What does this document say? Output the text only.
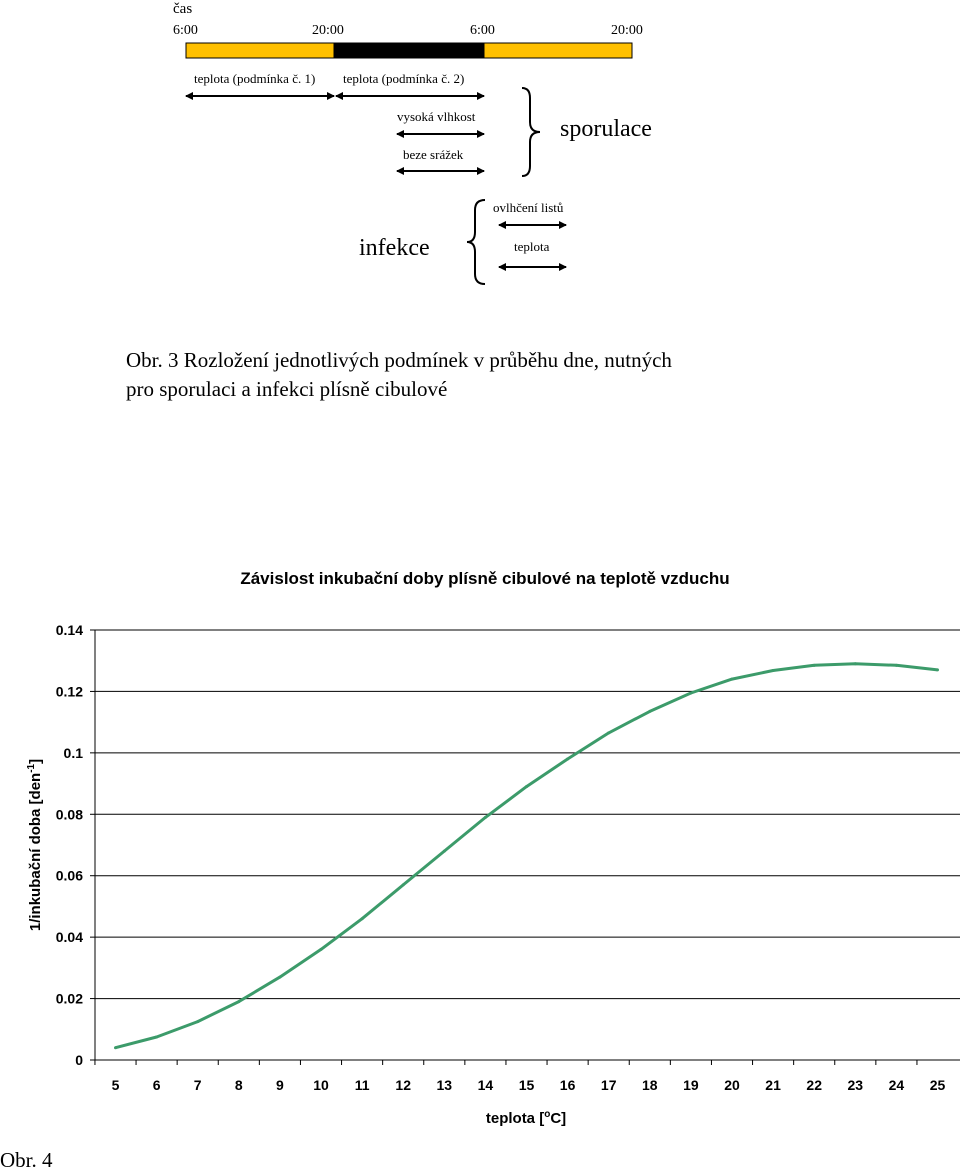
čas
6:00	20:00	6:00	20:00
teplota (podmínka č. 1) teplota (podmínka č. 2)
vysoká vlhkost
beze srážek
sporulace
infekce
ovlhčení listů
teplota
Obr. 3 Rozložení jednotlivých podmínek v průběhu dne, nutných
pro sporulaci a infekci plísně cibulové
Závislost inkubační doby plísně cibulové na teplotě vzduchu
0
0.02
0.04
0.06
0.08
0.1
0.12
0.14
5 6 7 8 9 10 11 12 13 14 15 16 17 18 19 20 21 22 23 24 25
teplota [$^o$C]
1/inkubační doba [den$^{-1}$]
Obr. 4
